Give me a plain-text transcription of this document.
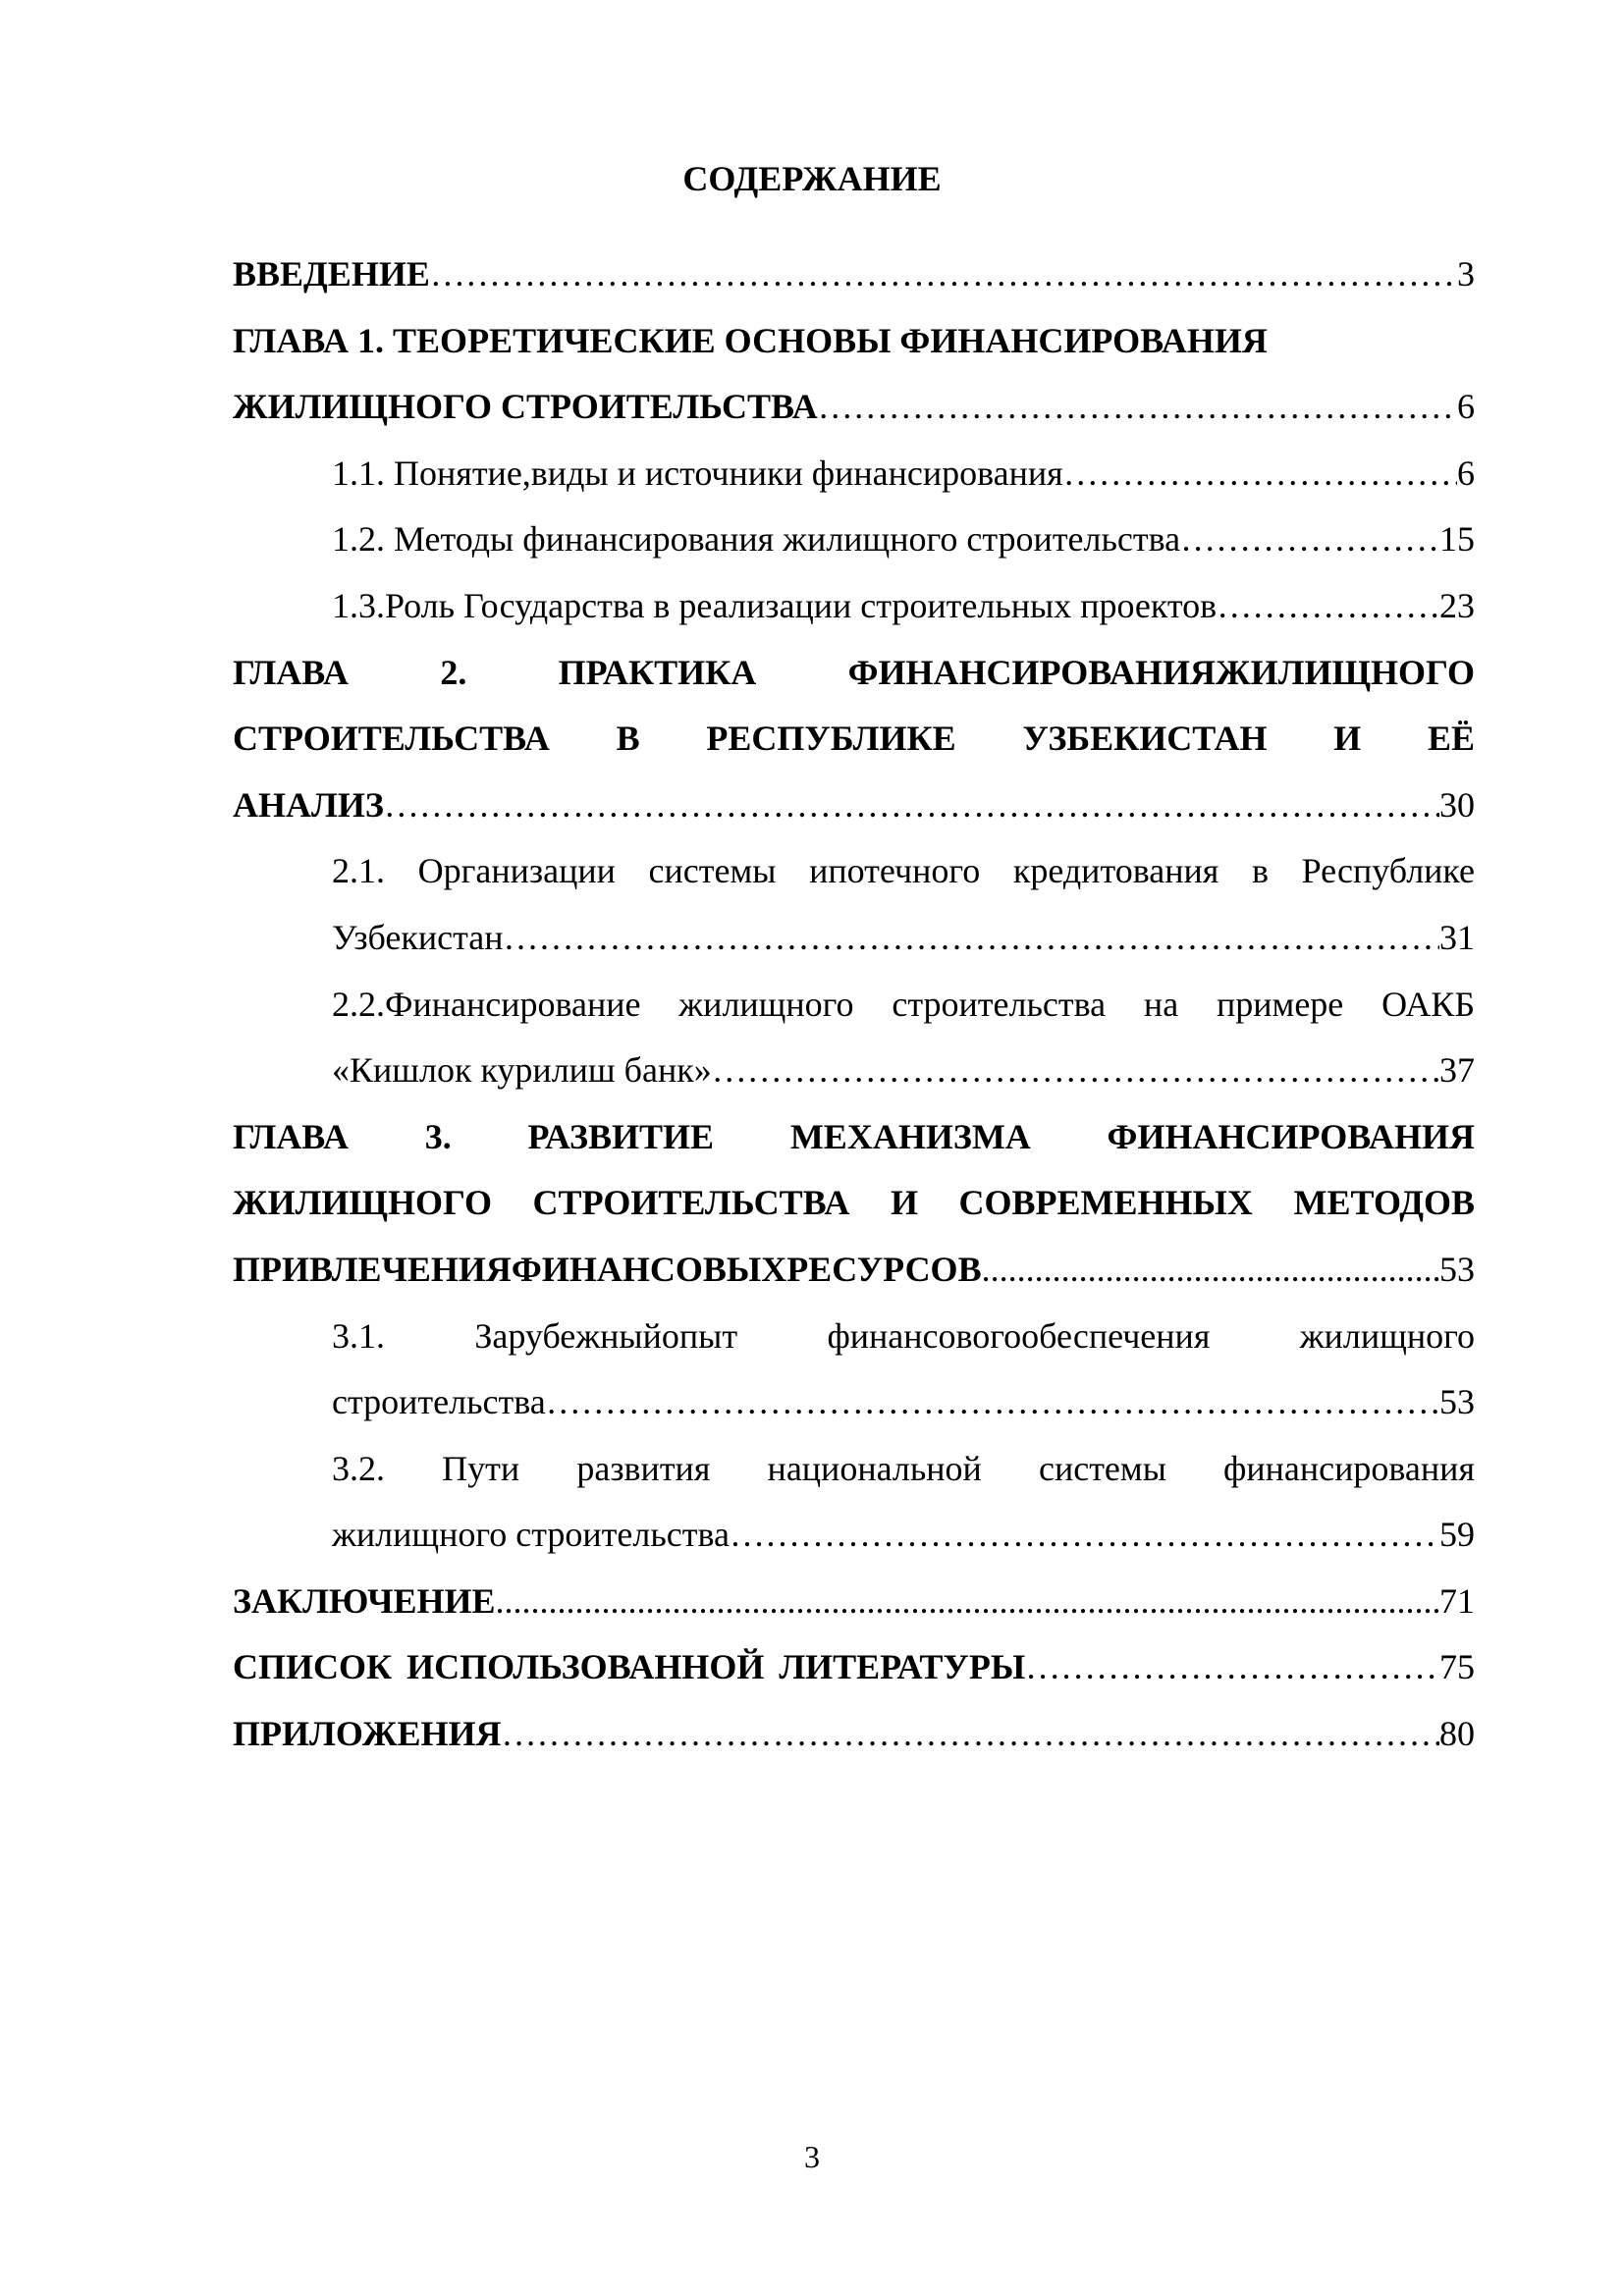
СОДЕРЖАНИЕ
ВВЕДЕНИЕ ……………………………………………………………………………………………………………………………………………………………………………………………………………………………………………………………………	3
ГЛАВА 1. ТЕОРЕТИЧЕСКИЕ ОСНОВЫ ФИНАНСИРОВАНИЯ
ЖИЛИЩНОГО СТРОИТЕЛЬСТВА ……………………………………………………………………………………………………………………………………………………………………………………………………………………………………………………………………	6
1.1. Понятие,виды и источники финансирования ……………………………………………………………………………………………………………………………………………………………………………………………………………………………………………………………………	6
1.2. Методы финансирования жилищного строительства ……………………………………………………………………………………………………………………………………………………………………………………………………………………………………………………………………	15
1.3.Роль Государства в реализации строительных проектов ……………………………………………………………………………………………………………………………………………………………………………………………………………………………………………………………………	23
ГЛАВА 2. ПРАКТИКА ФИНАНСИРОВАНИЯЖИЛИЩНОГО
СТРОИТЕЛЬСТВА В РЕСПУБЛИКЕ УЗБЕКИСТАН И ЕЁ
АНАЛИЗ ……………………………………………………………………………………………………………………………………………………………………………………………………………………………………………………………………	30
2.1. Организации системы ипотечного кредитования в Республике
Узбекистан ……………………………………………………………………………………………………………………………………………………………………………………………………………………………………………………………………	31
2.2.Финансирование жилищного строительства на примере ОАКБ
«Кишлок курилиш банк» ……………………………………………………………………………………………………………………………………………………………………………………………………………………………………………………………………	37
ГЛАВА 3. РАЗВИТИЕ МЕХАНИЗМА ФИНАНСИРОВАНИЯ
ЖИЛИЩНОГО СТРОИТЕЛЬСТВА И СОВРЕМЕННЫХ МЕТОДОВ
ПРИВЛЕЧЕНИЯФИНАНСОВЫХРЕСУРСОВ .....	53
3.1. Зарубежныйопыт финансовогообеспечения жилищного
строительства ……………………………………………………………………………………………………………………………………………………………………………………………………………………………………………………………………	53
3.2. Пути развития национальной системы финансирования
жилищного строительства ……………………………………………………………………………………………………………………………………………………………………………………………………………………………………………………………………	59
ЗАКЛЮЧЕНИЕ .....	71
СПИСОК ИСПОЛЬЗОВАННОЙ ЛИТЕРАТУРЫ ……………………………………………………………………………………………………………………………………………………………………………………………………………………………………………………………………	75
ПРИЛОЖЕНИЯ ……………………………………………………………………………………………………………………………………………………………………………………………………………………………………………………………………	80
3
